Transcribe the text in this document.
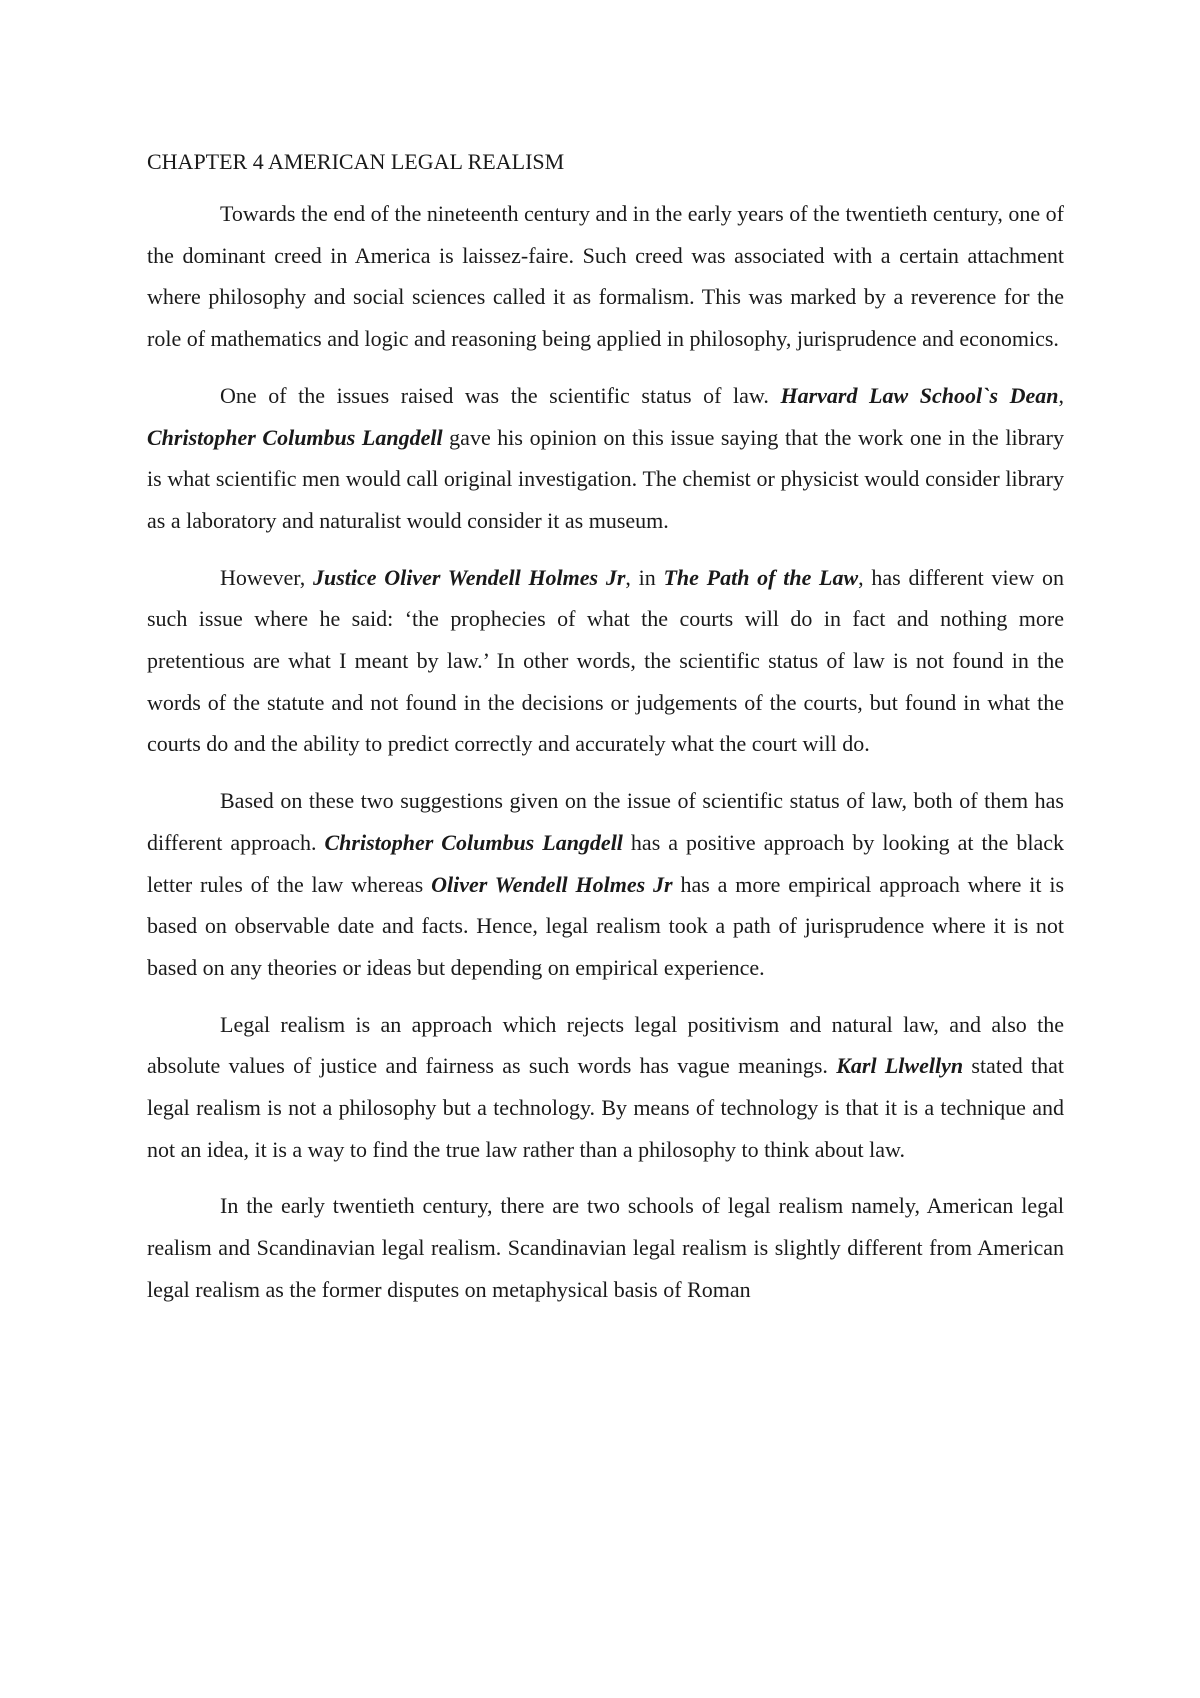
CHAPTER 4 AMERICAN LEGAL REALISM

Towards the end of the nineteenth century and in the early years of the twentieth century, one of the dominant creed in America is laissez-faire. Such creed was associated with a certain attachment where philosophy and social sciences called it as formalism. This was marked by a reverence for the role of mathematics and logic and reasoning being applied in philosophy, jurisprudence and economics.

One of the issues raised was the scientific status of law. Harvard Law School`s Dean, Christopher Columbus Langdell gave his opinion on this issue saying that the work one in the library is what scientific men would call original investigation. The chemist or physicist would consider library as a laboratory and naturalist would consider it as museum.

However, Justice Oliver Wendell Holmes Jr, in The Path of the Law, has different view on such issue where he said: ‘the prophecies of what the courts will do in fact and nothing more pretentious are what I meant by law.’ In other words, the scientific status of law is not found in the words of the statute and not found in the decisions or judgements of the courts, but found in what the courts do and the ability to predict correctly and accurately what the court will do.

Based on these two suggestions given on the issue of scientific status of law, both of them has different approach. Christopher Columbus Langdell has a positive approach by looking at the black letter rules of the law whereas Oliver Wendell Holmes Jr has a more empirical approach where it is based on observable date and facts. Hence, legal realism took a path of jurisprudence where it is not based on any theories or ideas but depending on empirical experience.

Legal realism is an approach which rejects legal positivism and natural law, and also the absolute values of justice and fairness as such words has vague meanings. Karl Llwellyn stated that legal realism is not a philosophy but a technology. By means of technology is that it is a technique and not an idea, it is a way to find the true law rather than a philosophy to think about law.

In the early twentieth century, there are two schools of legal realism namely, American legal realism and Scandinavian legal realism. Scandinavian legal realism is slightly different from American legal realism as the former disputes on metaphysical basis of Roman
